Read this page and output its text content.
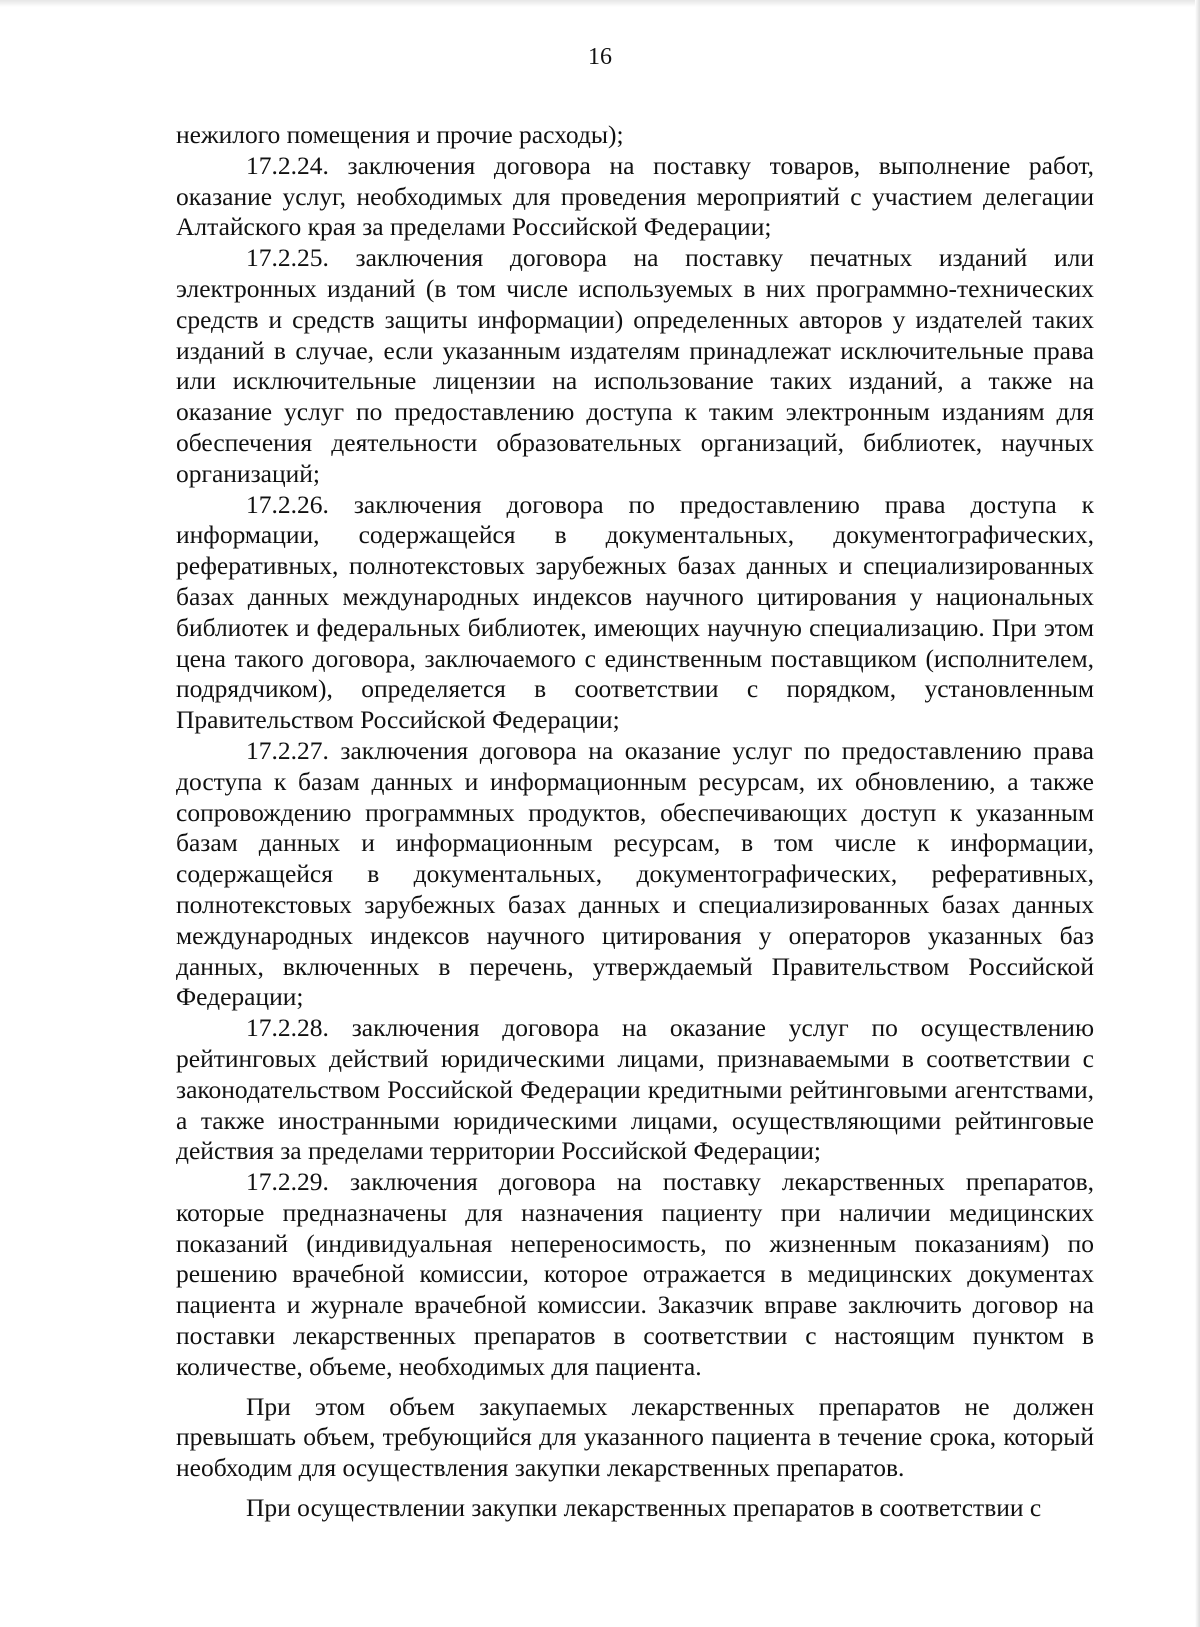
16

нежилого помещения и прочие расходы);

17.2.24. заключения договора на поставку товаров, выполнение работ, оказание услуг, необходимых для проведения мероприятий с участием делегации Алтайского края за пределами Российской Федерации;

17.2.25. заключения договора на поставку печатных изданий или электронных изданий (в том числе используемых в них программно-технических средств и средств защиты информации) определенных авторов у издателей таких изданий в случае, если указанным издателям принадлежат исключительные права или исключительные лицензии на использование таких изданий, а также на оказание услуг по предоставлению доступа к таким электронным изданиям для обеспечения деятельности образовательных организаций, библиотек, научных организаций;

17.2.26. заключения договора по предоставлению права доступа к информации, содержащейся в документальных, документографических, реферативных, полнотекстовых зарубежных базах данных и специализированных базах данных международных индексов научного цитирования у национальных библиотек и федеральных библиотек, имеющих научную специализацию. При этом цена такого договора, заключаемого с единственным поставщиком (исполнителем, подрядчиком), определяется в соответствии с порядком, установленным Правительством Российской Федерации;

17.2.27. заключения договора на оказание услуг по предоставлению права доступа к базам данных и информационным ресурсам, их обновлению, а также сопровождению программных продуктов, обеспечивающих доступ к указанным базам данных и информационным ресурсам, в том числе к информации, содержащейся в документальных, документографических, реферативных, полнотекстовых зарубежных базах данных и специализированных базах данных международных индексов научного цитирования у операторов указанных баз данных, включенных в перечень, утверждаемый Правительством Российской Федерации;

17.2.28. заключения договора на оказание услуг по осуществлению рейтинговых действий юридическими лицами, признаваемыми в соответствии с законодательством Российской Федерации кредитными рейтинговыми агентствами, а также иностранными юридическими лицами, осуществляющими рейтинговые действия за пределами территории Российской Федерации;

17.2.29. заключения договора на поставку лекарственных препаратов, которые предназначены для назначения пациенту при наличии медицинских показаний (индивидуальная непереносимость, по жизненным показаниям) по решению врачебной комиссии, которое отражается в медицинских документах пациента и журнале врачебной комиссии. Заказчик вправе заключить договор на поставки лекарственных препаратов в соответствии с настоящим пунктом в количестве, объеме, необходимых для пациента.

При этом объем закупаемых лекарственных препаратов не должен превышать объем, требующийся для указанного пациента в течение срока, который необходим для осуществления закупки лекарственных препаратов.

При осуществлении закупки лекарственных препаратов в соответствии с
